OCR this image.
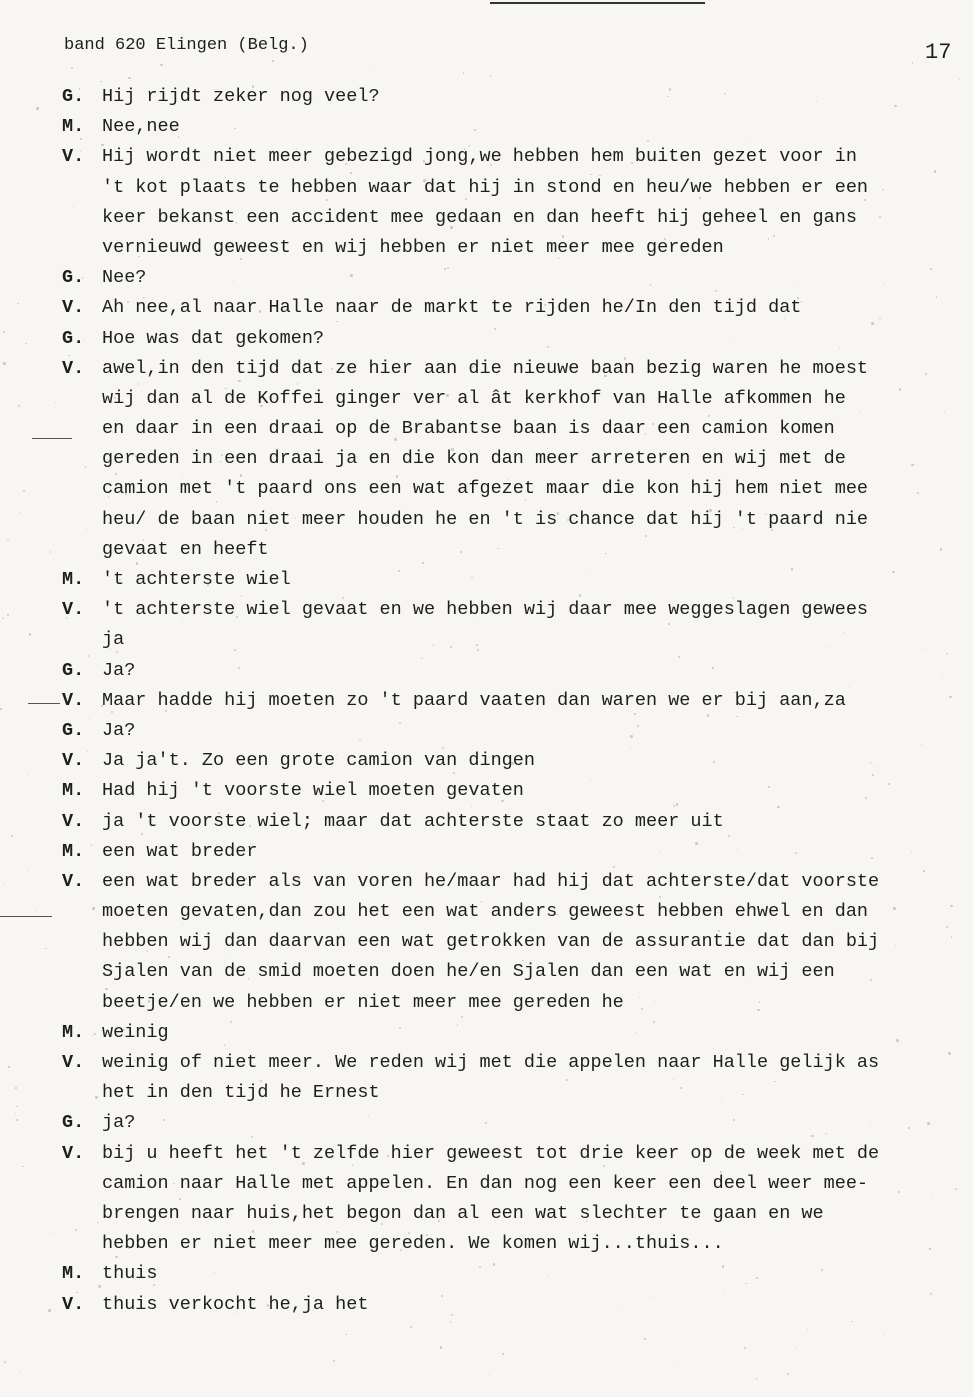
band 620 Elingen (Belg.)	17
G. Hij rijdt zeker nog veel?
M. Nee,nee
V. Hij wordt niet meer gebezigd jong,we hebben hem buiten gezet voor in
't kot plaats te hebben waar dat hij in stond en heu/we hebben er een
keer bekanst een accident mee gedaan en dan heeft hij geheel en gans
vernieuwd geweest en wij hebben er niet meer mee gereden
G. Nee?
V. Ah nee,al naar Halle naar de markt te rijden he/In den tijd dat
G. Hoe was dat gekomen?
V. awel,in den tijd dat ze hier aan die nieuwe baan bezig waren he moest
wij dan al de Koffei ginger ver al ât kerkhof van Halle afkommen he
en daar in een draai op de Brabantse baan is daar een camion komen
gereden in een draai ja en die kon dan meer arreteren en wij met de
camion met 't paard ons een wat afgezet maar die kon hij hem niet mee
heu/ de baan niet meer houden he en 't is chance dat hij 't paard nie
gevaat en heeft
M. 't achterste wiel
V. 't achterste wiel gevaat en we hebben wij daar mee weggeslagen gewees
ja
G. Ja?
V. Maar hadde hij moeten zo 't paard vaaten dan waren we er bij aan,za
G. Ja?
V. Ja ja't. Zo een grote camion van dingen
M. Had hij 't voorste wiel moeten gevaten
V. ja 't voorste wiel; maar dat achterste staat zo meer uit
M. een wat breder
V. een wat breder als van voren he/maar had hij dat achterste/dat voorste
moeten gevaten,dan zou het een wat anders geweest hebben ehwel en dan
hebben wij dan daarvan een wat getrokken van de assurantie dat dan bij
Sjalen van de smid moeten doen he/en Sjalen dan een wat en wij een
beetje/en we hebben er niet meer mee gereden he
M. weinig
V. weinig of niet meer. We reden wij met die appelen naar Halle gelijk as
het in den tijd he Ernest
G. ja?
V. bij u heeft het 't zelfde hier geweest tot drie keer op de week met de
camion naar Halle met appelen. En dan nog een keer een deel weer mee-
brengen naar huis,het begon dan al een wat slechter te gaan en we
hebben er niet meer mee gereden. We komen wij...thuis...
M. thuis
V. thuis verkocht he,ja het
